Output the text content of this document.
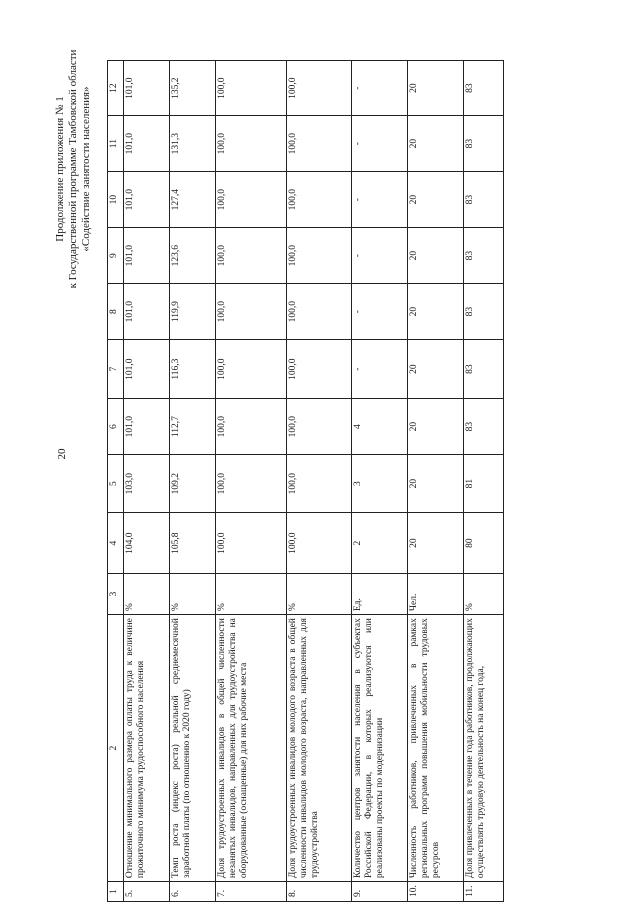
20
Продолжение приложения № 1 к Государственной программе Тамбовской области «Содействие занятости населения»
1	2	3	4	5	6	7	8	9	10	11	12
5.	Отношение минимального размера оплаты труда к величине прожиточного минимума трудоспособного населения	%	104,0	103,0	101,0	101,0	101,0	101,0	101,0	101,0	101,0
6.	Темп роста (индекс роста) реальной среднемесячной заработной платы (по отношению к 2020 году)	%	105,8	109,2	112,7	116,3	119,9	123,6	127,4	131,3	135,2
7.	Доля трудоустроенных инвалидов в общей численности незанятых инвалидов, направленных для трудоустройства на оборудованные (оснащенные) для них рабочие места	%	100,0	100,0	100,0	100,0	100,0	100,0	100,0	100,0	100,0
8.	Доля трудоустроенных инвалидов молодого возраста в общей численности инвалидов молодого возраста, направленных для трудоустройства	%	100,0	100,0	100,0	100,0	100,0	100,0	100,0	100,0	100,0
9.	Количество центров занятости населения в субъектах Российской Федерации, в которых реализуются или реализованы проекты по модернизации	Ед.	2	3	4	-	-	-	-	-	-
10.	Численность работников, привлеченных в рамках региональных программ повышения мобильности трудовых ресурсов	Чел.	20	20	20	20	20	20	20	20	20
11.	Доля привлеченных в течение года работников, продолжающих осуществлять трудовую деятельность на конец года,	%	80	81	83	83	83	83	83	83	83
